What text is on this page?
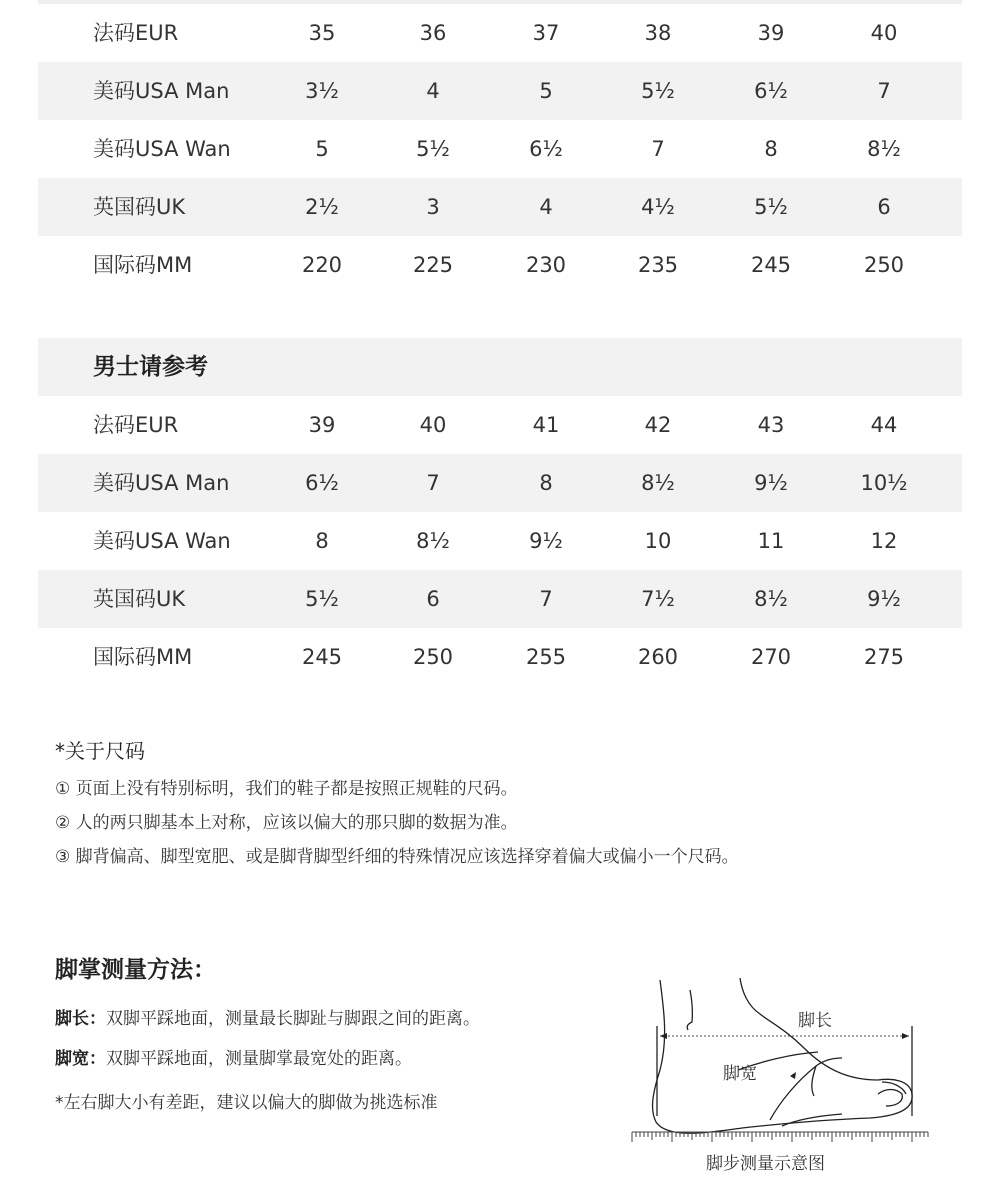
法码EUR	35	36	37	38	39	40
美码USA Man	3½	4	5	5½	6½	7
美码USA Wan	5	5½	6½	7	8	8½
英国码UK	2½	3	4	4½	5½	6
国际码MM	220	225	230	235	245	250
男士请参考
法码EUR	39	40	41	42	43	44
美码USA Man	6½	7	8	8½	9½	10½
美码USA Wan	8	8½	9½	10	11	12
英国码UK	5½	6	7	7½	8½	9½
国际码MM	245	250	255	260	270	275
*关于尺码
① 页面上没有特别标明，我们的鞋子都是按照正规鞋的尺码。
② 人的两只脚基本上对称，应该以偏大的那只脚的数据为准。
③ 脚背偏高、脚型宽肥、或是脚背脚型纤细的特殊情况应该选择穿着偏大或偏小一个尺码。
脚掌测量方法：
脚长：双脚平踩地面，测量最长脚趾与脚跟之间的距离。
脚宽：双脚平踩地面，测量脚掌最宽处的距离。
*左右脚大小有差距，建议以偏大的脚做为挑选标准
脚长
脚宽
脚步测量示意图
